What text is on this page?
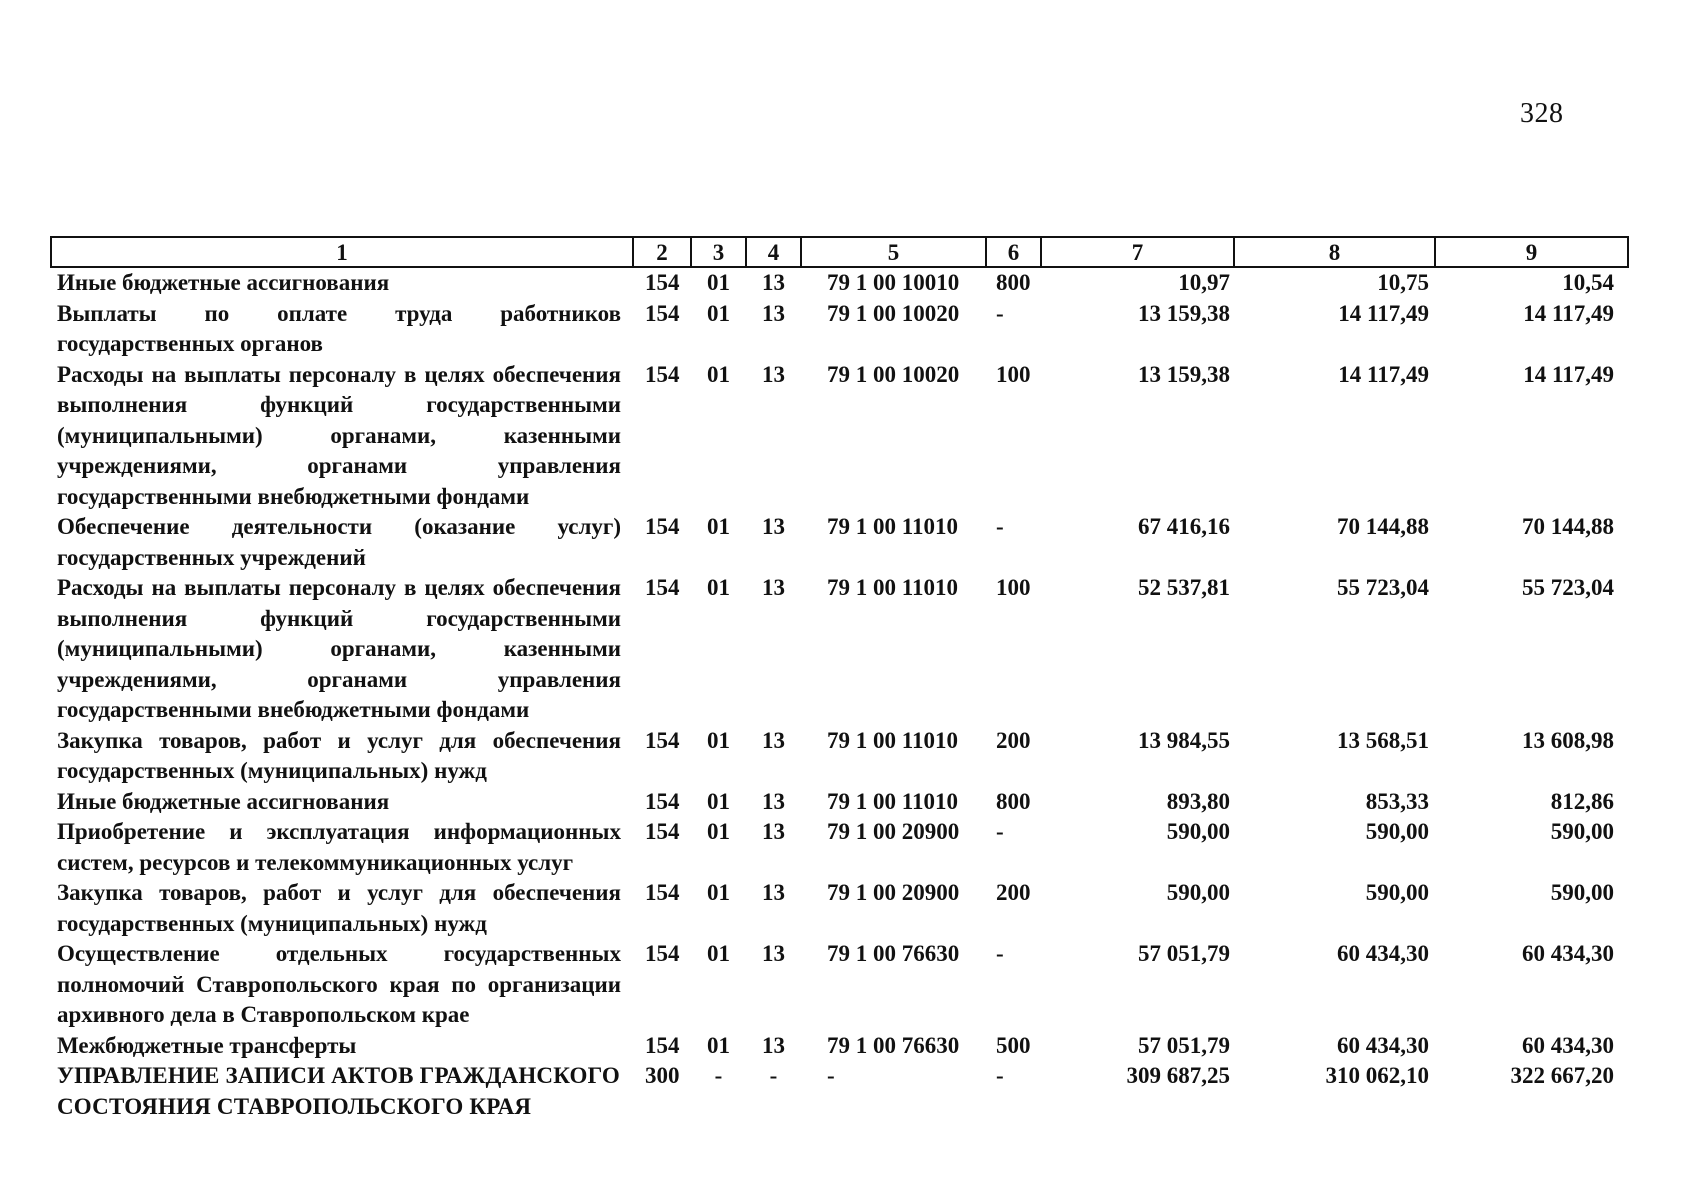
328
1	2	3	4	5	6	7	8	9
Иные бюджетные ассигнования	154	01	13	79 1 00 10010	800	10,97	10,75	10,54
Выплаты по оплате труда работников государственных органов	154	01	13	79 1 00 10020	-	13 159,38	14 117,49	14 117,49
Расходы на выплаты персоналу в целях обеспечения выполнения функций государственными (муниципальными) органами, казенными учреждениями, органами управления государственными внебюджетными фондами	154	01	13	79 1 00 10020	100	13 159,38	14 117,49	14 117,49
Обеспечение деятельности (оказание услуг) государственных учреждений	154	01	13	79 1 00 11010	-	67 416,16	70 144,88	70 144,88
Расходы на выплаты персоналу в целях обеспечения выполнения функций государственными (муниципальными) органами, казенными учреждениями, органами управления государственными внебюджетными фондами	154	01	13	79 1 00 11010	100	52 537,81	55 723,04	55 723,04
Закупка товаров, работ и услуг для обеспечения государственных (муниципальных) нужд	154	01	13	79 1 00 11010	200	13 984,55	13 568,51	13 608,98
Иные бюджетные ассигнования	154	01	13	79 1 00 11010	800	893,80	853,33	812,86
Приобретение и эксплуатация информационных систем, ресурсов и телекоммуникационных услуг	154	01	13	79 1 00 20900	-	590,00	590,00	590,00
Закупка товаров, работ и услуг для обеспечения государственных (муниципальных) нужд	154	01	13	79 1 00 20900	200	590,00	590,00	590,00
Осуществление отдельных государственных полномочий Ставропольского края по организации архивного дела в Ставропольском крае	154	01	13	79 1 00 76630	-	57 051,79	60 434,30	60 434,30
Межбюджетные трансферты	154	01	13	79 1 00 76630	500	57 051,79	60 434,30	60 434,30
УПРАВЛЕНИЕ ЗАПИСИ АКТОВ ГРАЖДАНСКОГО СОСТОЯНИЯ СТАВРОПОЛЬСКОГО КРАЯ	300	-	-	-	-	309 687,25	310 062,10	322 667,20
